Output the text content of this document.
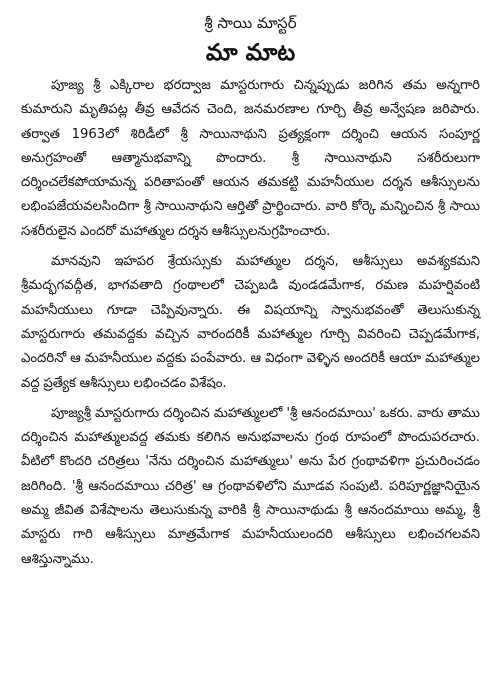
శ్రీ సాయి మాస్టర్
మా మాట

పూజ్య శ్రీ ఎక్కిరాల భరద్వాజ మాస్టరుగారు చిన్నప్పుడు జరిగిన తమ అన్నగారి కుమారుని మృతిపట్ల తీవ్ర ఆవేదన చెంది, జనమరణాల గూర్చి తీవ్ర అన్వేషణ జరిపారు. తర్వాత 1963లో శిరిడీలో శ్రీ సాయినాథుని ప్రత్యక్షంగా దర్శించి ఆయన సంపూర్ణ అనుగ్రహంతో ఆత్మానుభవాన్ని పొందారు. శ్రీ సాయినాథుని సశరీరులుగా దర్శించలేకపోయామన్న పరితాపంతో ఆయన తమకట్టి మహనీయుల దర్శన ఆశీస్సులను లభింపజేయవలసిందిగా శ్రీ సాయినాథుని ఆర్తితో ప్రార్థించారు. వారి కోర్కె మన్నించిన శ్రీ సాయి సశరీరులైన ఎందరో మహాత్ముల దర్శన ఆశీస్సులనుగ్రహించారు.

మానవుని ఇహపర శ్రేయస్సుకు మహాత్ముల దర్శన, ఆశీస్సులు అవశ్యకమని శ్రీమద్భగవద్గీత, భాగవతాది గ్రంథాలలో చెప్పబడి వుండడమేగాక, రమణ మహర్షివంటి మహనీయులు గూడా చెప్పివున్నారు. ఈ విషయాన్ని స్వానుభవంతో తెలుసుకున్న మాస్టరుగారు తమవద్దకు వచ్చిన వారందరికీ మహాత్ముల గూర్చి వివరించి చెప్పడమేగాక, ఎందరినో ఆ మహనీయుల వద్దకు పంపేవారు. ఆ విధంగా వెళ్ళిన అందరికీ ఆయా మహాత్ముల వద్ద ప్రత్యేక ఆశీస్సులు లభించడం విశేషం.

పూజ్యశ్రీ మాస్టరుగారు దర్శించిన మహాత్ములలో 'శ్రీ ఆనందమాయి' ఒకరు. వారు తాము దర్శించిన మహాత్ములవద్ద తమకు కలిగిన అనుభవాలను గ్రంథ రూపంలో పొందుపరచారు. వీటిలో కొందరి చరిత్రలు 'నేను దర్శించిన మహాత్ములు' అను పేర గ్రంథావళిగా ప్రచురించడం జరిగింది. 'శ్రీ ఆనందమాయి చరిత్ర' ఆ గ్రంథావళిలోని మూడవ సంపుటి. పరిపూర్ణజ్ఞానియైన అమ్మ జీవిత విశేషాలను తెలుసుకున్న వారికి శ్రీ సాయినాథుడు శ్రీ ఆనందమాయి అమ్మ, శ్రీ మాస్టరు గారి ఆశీస్సులు మాత్రమేగాక మహనీయులందరి ఆశీస్సులు లభించగలవని ఆశిస్తున్నాము.
